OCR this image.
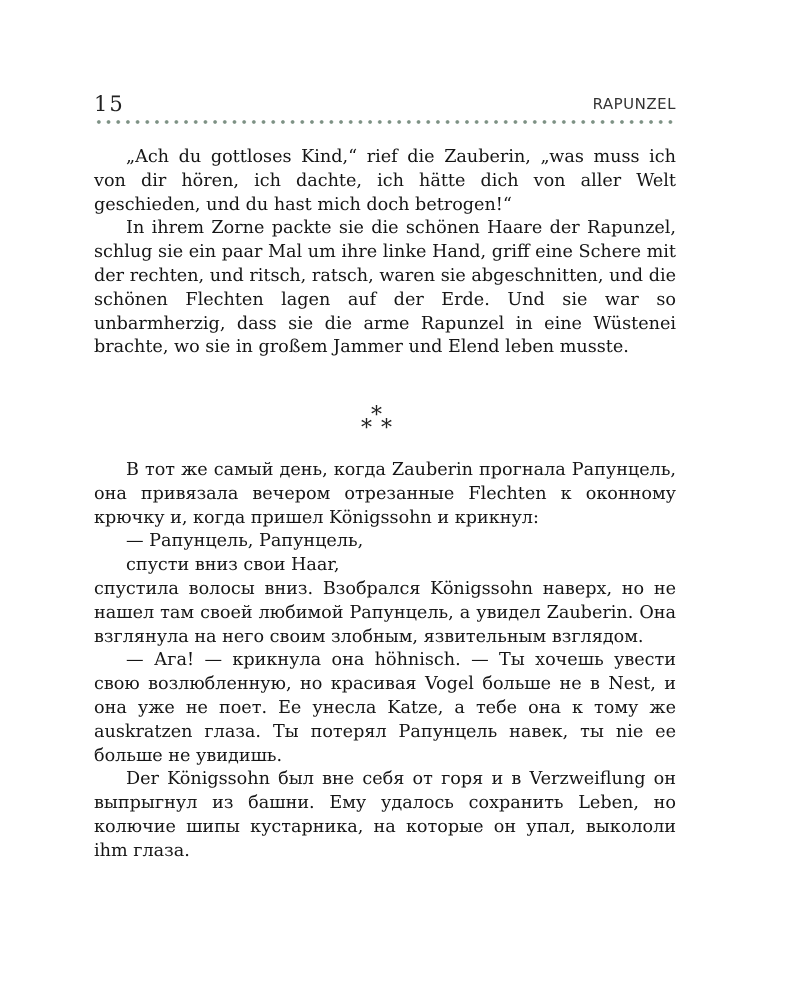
15	RAPUNZEL

„Ach du gottloses Kind,“ rief die Zauberin, „was muss ich von dir hören, ich dachte, ich hätte dich von aller Welt geschieden, und du hast mich doch betrogen!“

In ihrem Zorne packte sie die schönen Haare der Rapunzel, schlug sie ein paar Mal um ihre linke Hand, griff eine Schere mit der rechten, und ritsch, ratsch, waren sie abgeschnitten, und die schönen Flechten lagen auf der Erde. Und sie war so unbarmherzig, dass sie die arme Rapunzel in eine Wüstenei brachte, wo sie in großem Jammer und Elend leben musste.

*
* *

В тот же самый день, когда Zauberin прогнала Рапунцель, она привязала вечером отрезанные Flechten к оконному крючку и, когда пришел Königssohn и крикнул:

— Рапунцель, Рапунцель,

спусти вниз свои Haar,

спустила волосы вниз. Взобрался Königssohn наверх, но не нашел там своей любимой Рапунцель, а увидел Zauberin. Она взглянула на него своим злобным, язвительным взглядом.

— Ага! — крикнула она höhnisch. — Ты хочешь увести свою возлюбленную, но красивая Vogel больше не в Nest, и она уже не поет. Ее унесла Katze, а тебе она к тому же auskratzen глаза. Ты потерял Рапунцель навек, ты nie ее больше не увидишь.

Der Königssohn был вне себя от горя и в Verzweiflung он выпрыгнул из башни. Ему удалось сохранить Leben, но колючие шипы кустарника, на которые он упал, выкололи ihm глаза.
